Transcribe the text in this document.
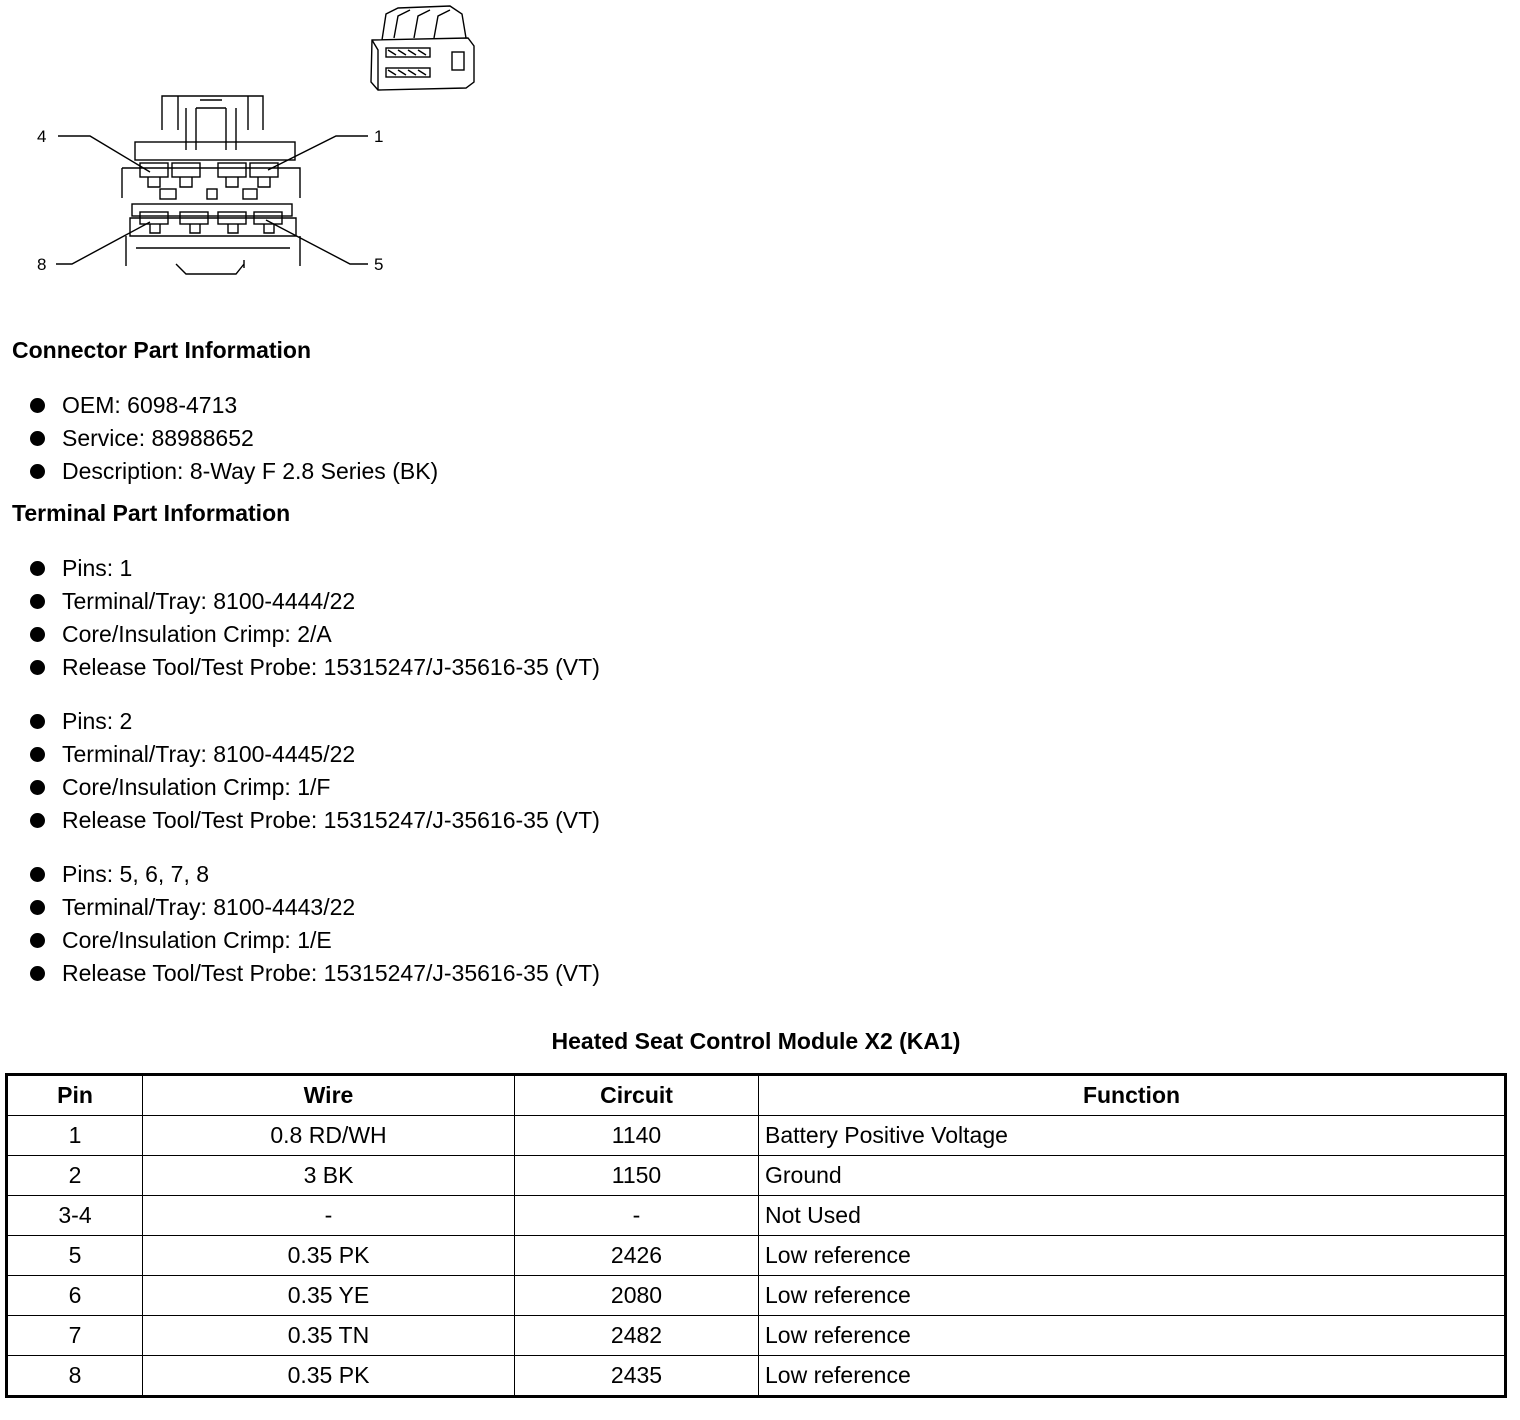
4	1
8	5
Connector Part Information
OEM: 6098-4713
Service: 88988652
Description: 8-Way F 2.8 Series (BK)
Terminal Part Information
Pins: 1
Terminal/Tray: 8100-4444/22
Core/Insulation Crimp: 2/A
Release Tool/Test Probe: 15315247/J-35616-35 (VT)
Pins: 2
Terminal/Tray: 8100-4445/22
Core/Insulation Crimp: 1/F
Release Tool/Test Probe: 15315247/J-35616-35 (VT)
Pins: 5, 6, 7, 8
Terminal/Tray: 8100-4443/22
Core/Insulation Crimp: 1/E
Release Tool/Test Probe: 15315247/J-35616-35 (VT)
Heated Seat Control Module X2 (KA1)
Pin	Wire	Circuit	Function
1	0.8 RD/WH	1140	Battery Positive Voltage
2	3 BK	1150	Ground
3-4	-	-	Not Used
5	0.35 PK	2426	Low reference
6	0.35 YE	2080	Low reference
7	0.35 TN	2482	Low reference
8	0.35 PK	2435	Low reference
